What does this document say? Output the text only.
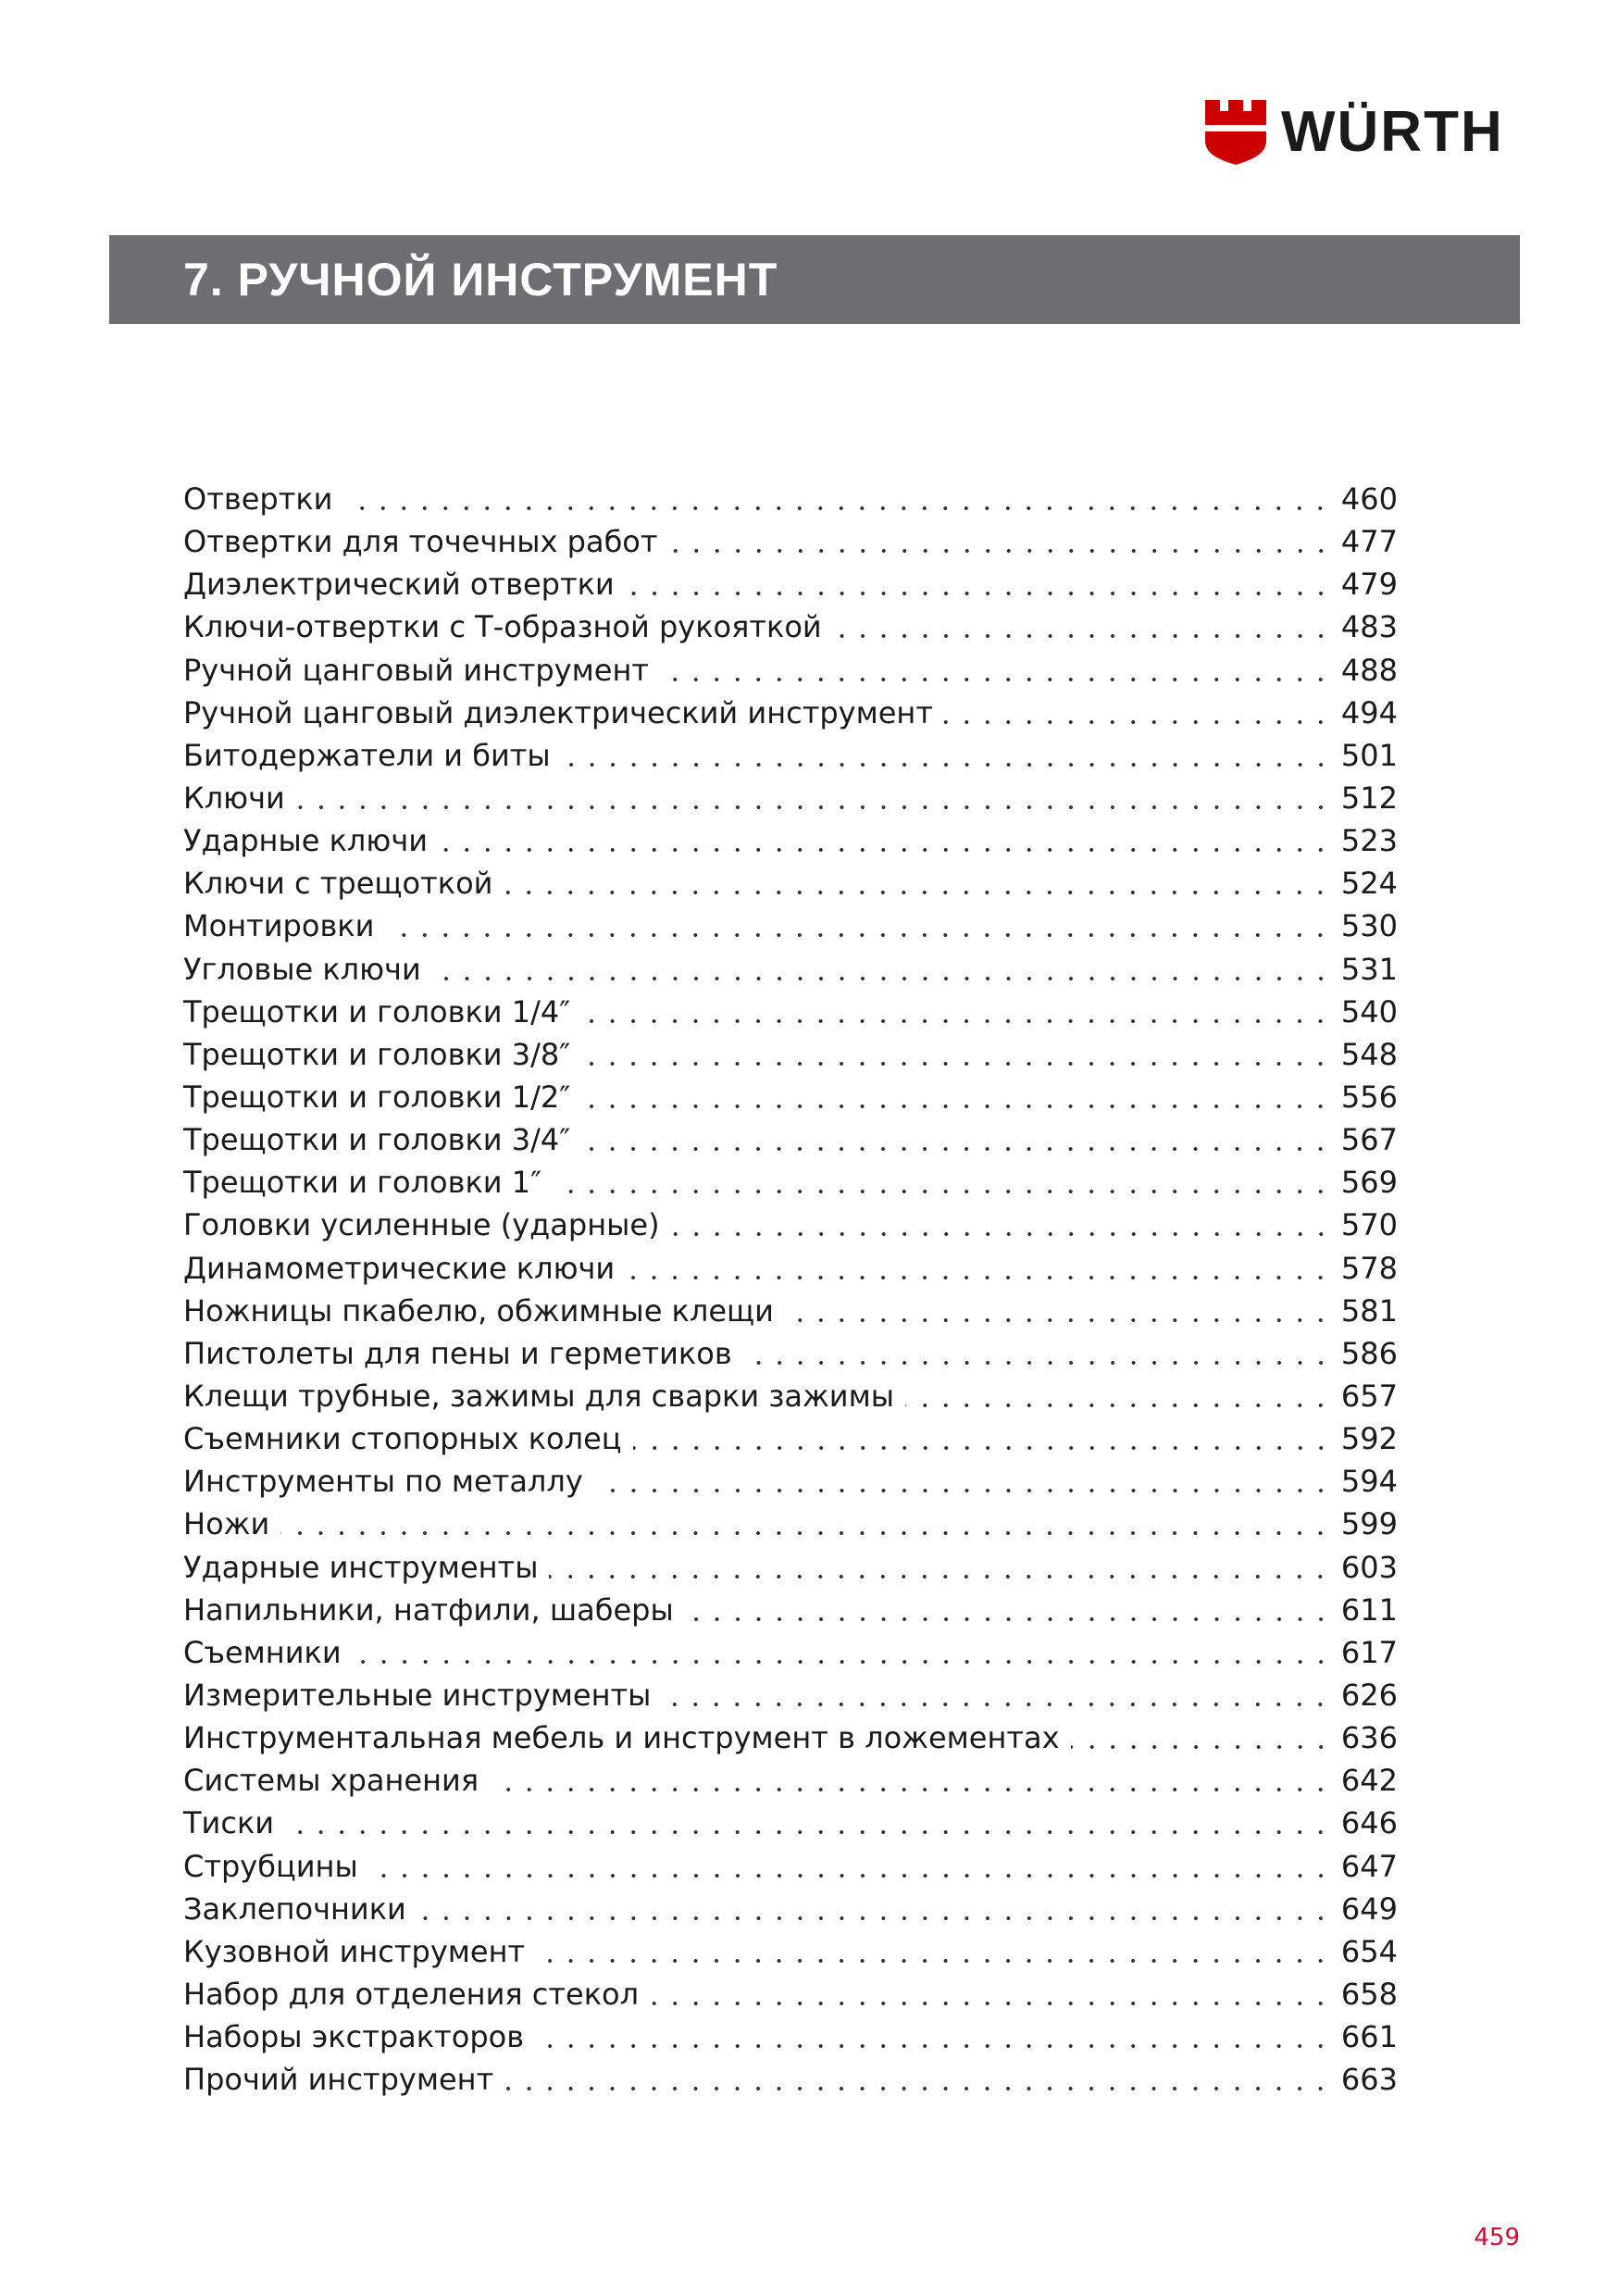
WÜRTH
7. РУЧНОЙ ИНСТРУМЕНТ
Отвертки	460
Отвертки для точечных работ	477
Диэлектрический отвертки	479
Ключи-отвертки с Т-образной рукояткой	483
Ручной цанговый инструмент	488
Ручной цанговый диэлектрический инструмент	494
Битодержатели и биты	501
Ключи	512
Ударные ключи	523
Ключи с трещоткой	524
Монтировки	530
Угловые ключи	531
Трещотки и головки 1/4″	540
Трещотки и головки 3/8″	548
Трещотки и головки 1/2″	556
Трещотки и головки 3/4″	567
Трещотки и головки 1″	569
Головки усиленные (ударные)	570
Динамометрические ключи	578
Ножницы пкабелю, обжимные клещи	581
Пистолеты для пены и герметиков	586
Клещи трубные, зажимы для сварки зажимы	657
Съемники стопорных колец	592
Инструменты по металлу	594
Ножи	599
Ударные инструменты	603
Напильники, натфили, шаберы	611
Съемники	617
Измерительные инструменты	626
Инструментальная мебель и инструмент в ложементах	636
Системы хранения	642
Тиски	646
Струбцины	647
Заклепочники	649
Кузовной инструмент	654
Набор для отделения стекол	658
Наборы экстракторов	661
Прочий инструмент	663
459
